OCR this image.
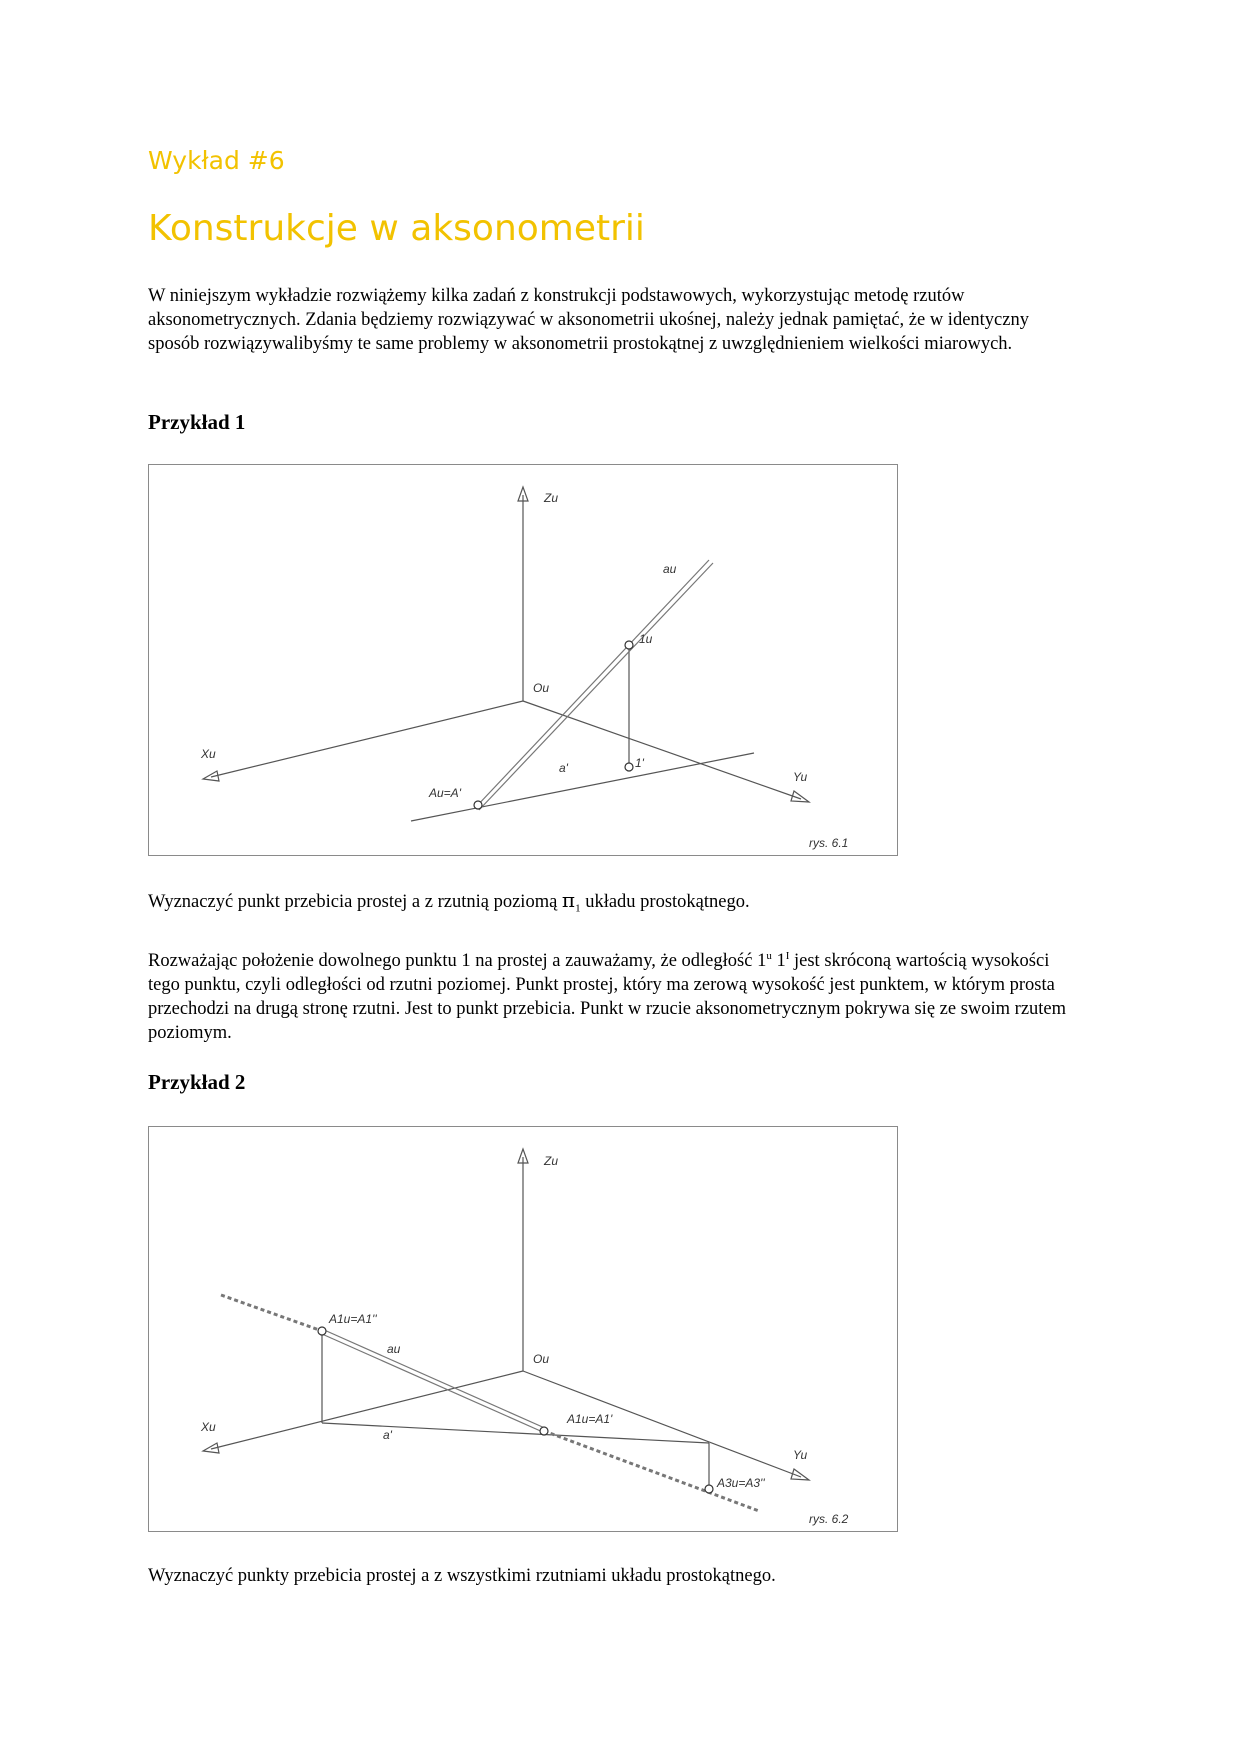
Wykład #6
Konstrukcje w aksonometrii

W niniejszym wykładzie rozwiążemy kilka zadań z konstrukcji podstawowych, wykorzystując metodę rzutów aksonometrycznych. Zdania będziemy rozwiązywać w aksonometrii ukośnej, należy jednak pamiętać, że w identyczny sposób rozwiązywalibyśmy te same problemy w aksonometrii prostokątnej z uwzględnieniem wielkości miarowych.

Przykład 1
Zu
Ou
Xu
Yu
au
1u
1'
a'
Au=A'
rys. 6.1

Wyznaczyć punkt przebicia prostej a z rzutnią poziomą $\pi_1$ układu prostokątnego.

Rozważając położenie dowolnego punktu 1 na prostej a zauważamy, że odległość 1$^u$ $1^I$ jest skróconą wartością wysokości tego punktu, czyli odległości od rzutni poziomej. Punkt prostej, który ma zerową wysokość jest punktem, w którym prosta przechodzi na drugą stronę rzutni. Jest to punkt przebicia. Punkt w rzucie aksonometrycznym pokrywa się ze swoim rzutem poziomym.

Przykład 2
Zu
Ou
Xu
Yu
au
a'
A1u=A1''
A1u=A1'
A3u=A3''
rys. 6.2

Wyznaczyć punkty przebicia prostej a z wszystkimi rzutniami układu prostokątnego.
